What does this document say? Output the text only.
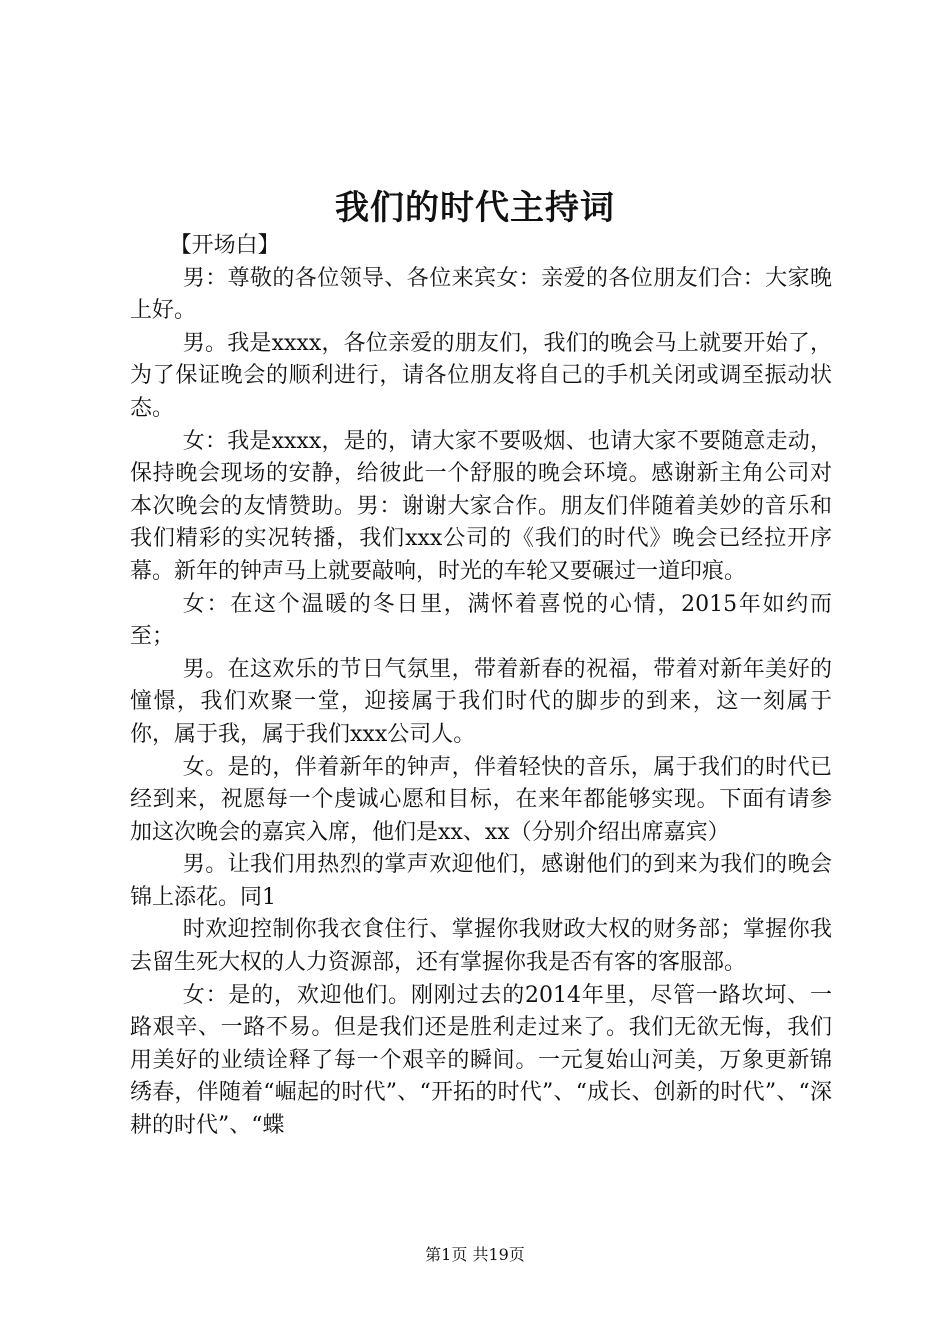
我们的时代主持词

【开场白】

男：尊敬的各位领导、各位来宾女：亲爱的各位朋友们合：大家晚上好。

男。我是xxxx，各位亲爱的朋友们，我们的晚会马上就要开始了，为了保证晚会的顺利进行，请各位朋友将自己的手机关闭或调至振动状态。

女：我是xxxx，是的，请大家不要吸烟、也请大家不要随意走动，保持晚会现场的安静，给彼此一个舒服的晚会环境。感谢新主角公司对本次晚会的友情赞助。男：谢谢大家合作。朋友们伴随着美妙的音乐和我们精彩的实况转播，我们xxx公司的《我们的时代》晚会已经拉开序幕。新年的钟声马上就要敲响，时光的车轮又要碾过一道印痕。

女：在这个温暖的冬日里，满怀着喜悦的心情，2015年如约而至；

男。在这欢乐的节日气氛里，带着新春的祝福，带着对新年美好的憧憬，我们欢聚一堂，迎接属于我们时代的脚步的到来，这一刻属于你，属于我，属于我们xxx公司人。

女。是的，伴着新年的钟声，伴着轻快的音乐，属于我们的时代已经到来，祝愿每一个虔诚心愿和目标，在来年都能够实现。下面有请参加这次晚会的嘉宾入席，他们是xx、xx（分别介绍出席嘉宾）

男。让我们用热烈的掌声欢迎他们，感谢他们的到来为我们的晚会锦上添花。同1

时欢迎控制你我衣食住行、掌握你我财政大权的财务部；掌握你我去留生死大权的人力资源部，还有掌握你我是否有客的客服部。

女：是的，欢迎他们。刚刚过去的2014年里，尽管一路坎坷、一路艰辛、一路不易。但是我们还是胜利走过来了。我们无欲无悔，我们用美好的业绩诠释了每一个艰辛的瞬间。一元复始山河美，万象更新锦绣春，伴随着“崛起的时代”、“开拓的时代”、“成长、创新的时代”、“深耕的时代”、“蝶

第1页 共19页
